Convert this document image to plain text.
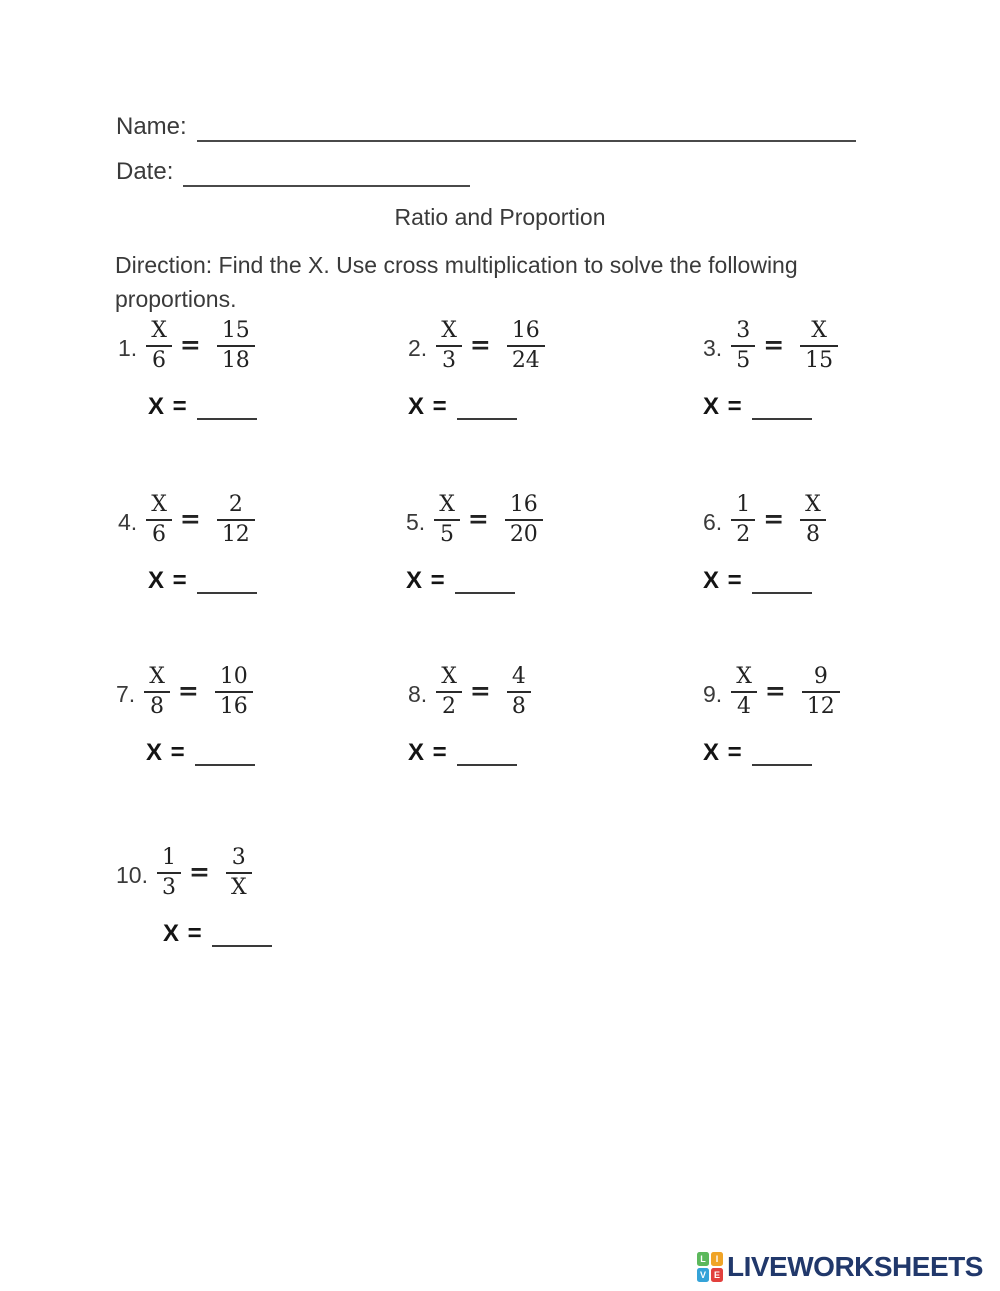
Name:
Date:
Ratio and Proportion
Direction: Find the X. Use cross multiplication to solve the following
proportions.
1. $\frac{X}{6} = \frac{15}{18}$
X =
2. $\frac{X}{3} = \frac{16}{24}$
X =
3. $\frac{3}{5} = \frac{X}{15}$
X =
4. $\frac{X}{6} = \frac{2}{12}$
X =
5. $\frac{X}{5} = \frac{16}{20}$
X =
6. $\frac{1}{2} = \frac{X}{8}$
X =
7. $\frac{X}{8} = \frac{10}{16}$
X =
8. $\frac{X}{2} = \frac{4}{8}$
X =
9. $\frac{X}{4} = \frac{9}{12}$
X =
10. $\frac{1}{3} = \frac{3}{X}$
X =
L	I
V E LIVEWORKSHEETS
